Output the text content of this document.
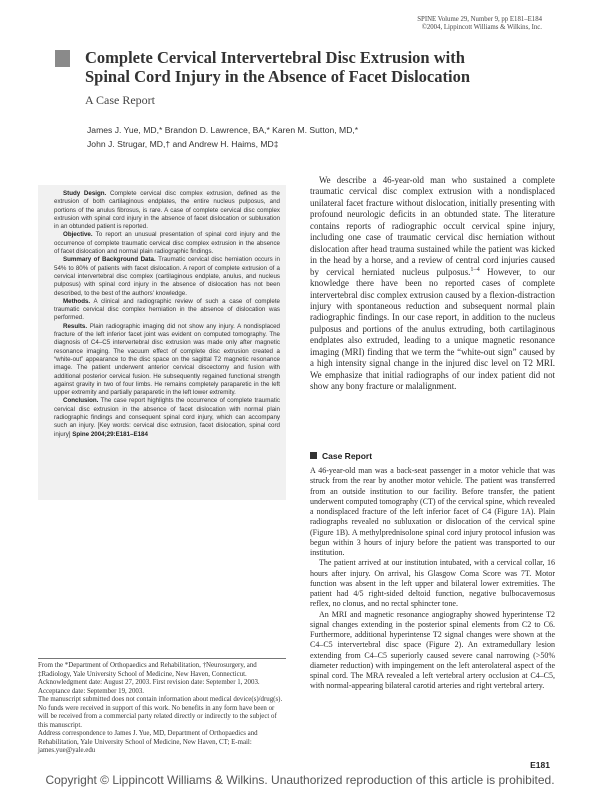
SPINE Volume 29, Number 9, pp E181–E184
©2004, Lippincott Williams & Wilkins, Inc.
Complete Cervical Intervertebral Disc Extrusion with
Spinal Cord Injury in the Absence of Facet Dislocation
A Case Report
James J. Yue, MD,* Brandon D. Lawrence, BA,* Karen M. Sutton, MD,*
John J. Strugar, MD,† and Andrew H. Haims, MD‡

Study Design. Complete cervical disc complex extrusion, defined as the extrusion of both cartilaginous endplates, the entire nucleus pulposus, and portions of the anulus fibrosus, is rare. A case of complete cervical disc complex extrusion with spinal cord injury in the absence of facet dislocation or subluxation in an obtunded patient is reported.

Objective. To report an unusual presentation of spinal cord injury and the occurrence of complete traumatic cervical disc complex extrusion in the absence of facet dislocation and normal plain radiographic findings.

Summary of Background Data. Traumatic cervical disc herniation occurs in 54% to 80% of patients with facet dislocation. A report of complete extrusion of a cervical intervertebral disc complex (cartilaginous endplate, anulus, and nucleus pulposus) with spinal cord injury in the absence of dislocation has not been described, to the best of the authors' knowledge.

Methods. A clinical and radiographic review of such a case of complete traumatic cervical disc complex herniation in the absence of dislocation was performed.

Results. Plain radiographic imaging did not show any injury. A nondisplaced fracture of the left inferior facet joint was evident on computed tomography. The diagnosis of C4–C5 intervertebral disc extrusion was made only after magnetic resonance imaging. The vacuum effect of complete disc extrusion created a “white-out” appearance to the disc space on the sagittal T2 magnetic resonance image. The patient underwent anterior cervical discectomy and fusion with additional posterior cervical fusion. He subsequently regained functional strength against gravity in two of four limbs. He remains completely paraparetic in the left upper extremity and partially paraparetic in the left lower extremity.

Conclusion. The case report highlights the occurrence of complete traumatic cervical disc extrusion in the absence of facet dislocation with normal plain radiographic findings and consequent spinal cord injury, which can accompany such an injury. [Key words: cervical disc extrusion, facet dislocation, spinal cord injury] Spine 2004;29:E181–E184

We describe a 46-year-old man who sustained a complete traumatic cervical disc complex extrusion with a nondisplaced unilateral facet fracture without dislocation, initially presenting with profound neurologic deficits in an obtunded state. The literature contains reports of radiographic occult cervical spine injury, including one case of traumatic cervical disc herniation without dislocation after head trauma sustained while the patient was kicked in the head by a horse, and a review of central cord injuries caused by cervical herniated nucleus pulposus.$^{1-4}$ However, to our knowledge there have been no reported cases of complete intervertebral disc complex extrusion caused by a flexion-distraction injury with spontaneous reduction and subsequent normal plain radiographic findings. In our case report, in addition to the nucleus pulposus and portions of the anulus extruding, both cartilaginous endplates also extruded, leading to a unique magnetic resonance imaging (MRI) finding that we term the “white-out sign” caused by a high intensity signal change in the injured disc level on T2 MRI. We emphasize that initial radiographs of our index patient did not show any bony fracture or malalignment.

Case Report

A 46-year-old man was a back-seat passenger in a motor vehicle that was struck from the rear by another motor vehicle. The patient was transferred from an outside institution to our facility. Before transfer, the patient underwent computed tomography (CT) of the cervical spine, which revealed a nondisplaced fracture of the left inferior facet of C4 (Figure 1A). Plain radiographs revealed no subluxation or dislocation of the cervical spine (Figure 1B). A methylprednisolone spinal cord injury protocol infusion was begun within 3 hours of injury before the patient was transported to our institution.

The patient arrived at our institution intubated, with a cervical collar, 16 hours after injury. On arrival, his Glasgow Coma Score was 7T. Motor function was absent in the left upper and bilateral lower extremities. The patient had 4/5 right-sided deltoid function, negative bulbocavernosus reflex, no clonus, and no rectal sphincter tone.

An MRI and magnetic resonance angiography showed hyperintense T2 signal changes extending in the posterior spinal elements from C2 to C6. Furthermore, additional hyperintense T2 signal changes were shown at the C4–C5 intervertebral disc space (Figure 2). An extramedullary lesion extending from C4–C5 superiorly caused severe canal narrowing (>50% diameter reduction) with impingement on the left anterolateral aspect of the spinal cord. The MRA revealed a left vertebral artery occlusion at C4–C5, with normal-appearing bilateral carotid arteries and right vertebral artery.

From the *Department of Orthopaedics and Rehabilitation, †Neurosurgery, and ‡Radiology, Yale University School of Medicine, New Haven, Connecticut.
Acknowledgment date: August 27, 2003. First revision date: September 1, 2003. Acceptance date: September 19, 2003.
The manuscript submitted does not contain information about medical device(s)/drug(s).
No funds were received in support of this work. No benefits in any form have been or will be received from a commercial party related directly or indirectly to the subject of this manuscript.
Address correspondence to James J. Yue, MD, Department of Orthopaedics and Rehabilitation, Yale University School of Medicine, New Haven, CT; E-mail: james.yue@yale.edu
E181
Copyright © Lippincott Williams & Wilkins. Unauthorized reproduction of this article is prohibited.
